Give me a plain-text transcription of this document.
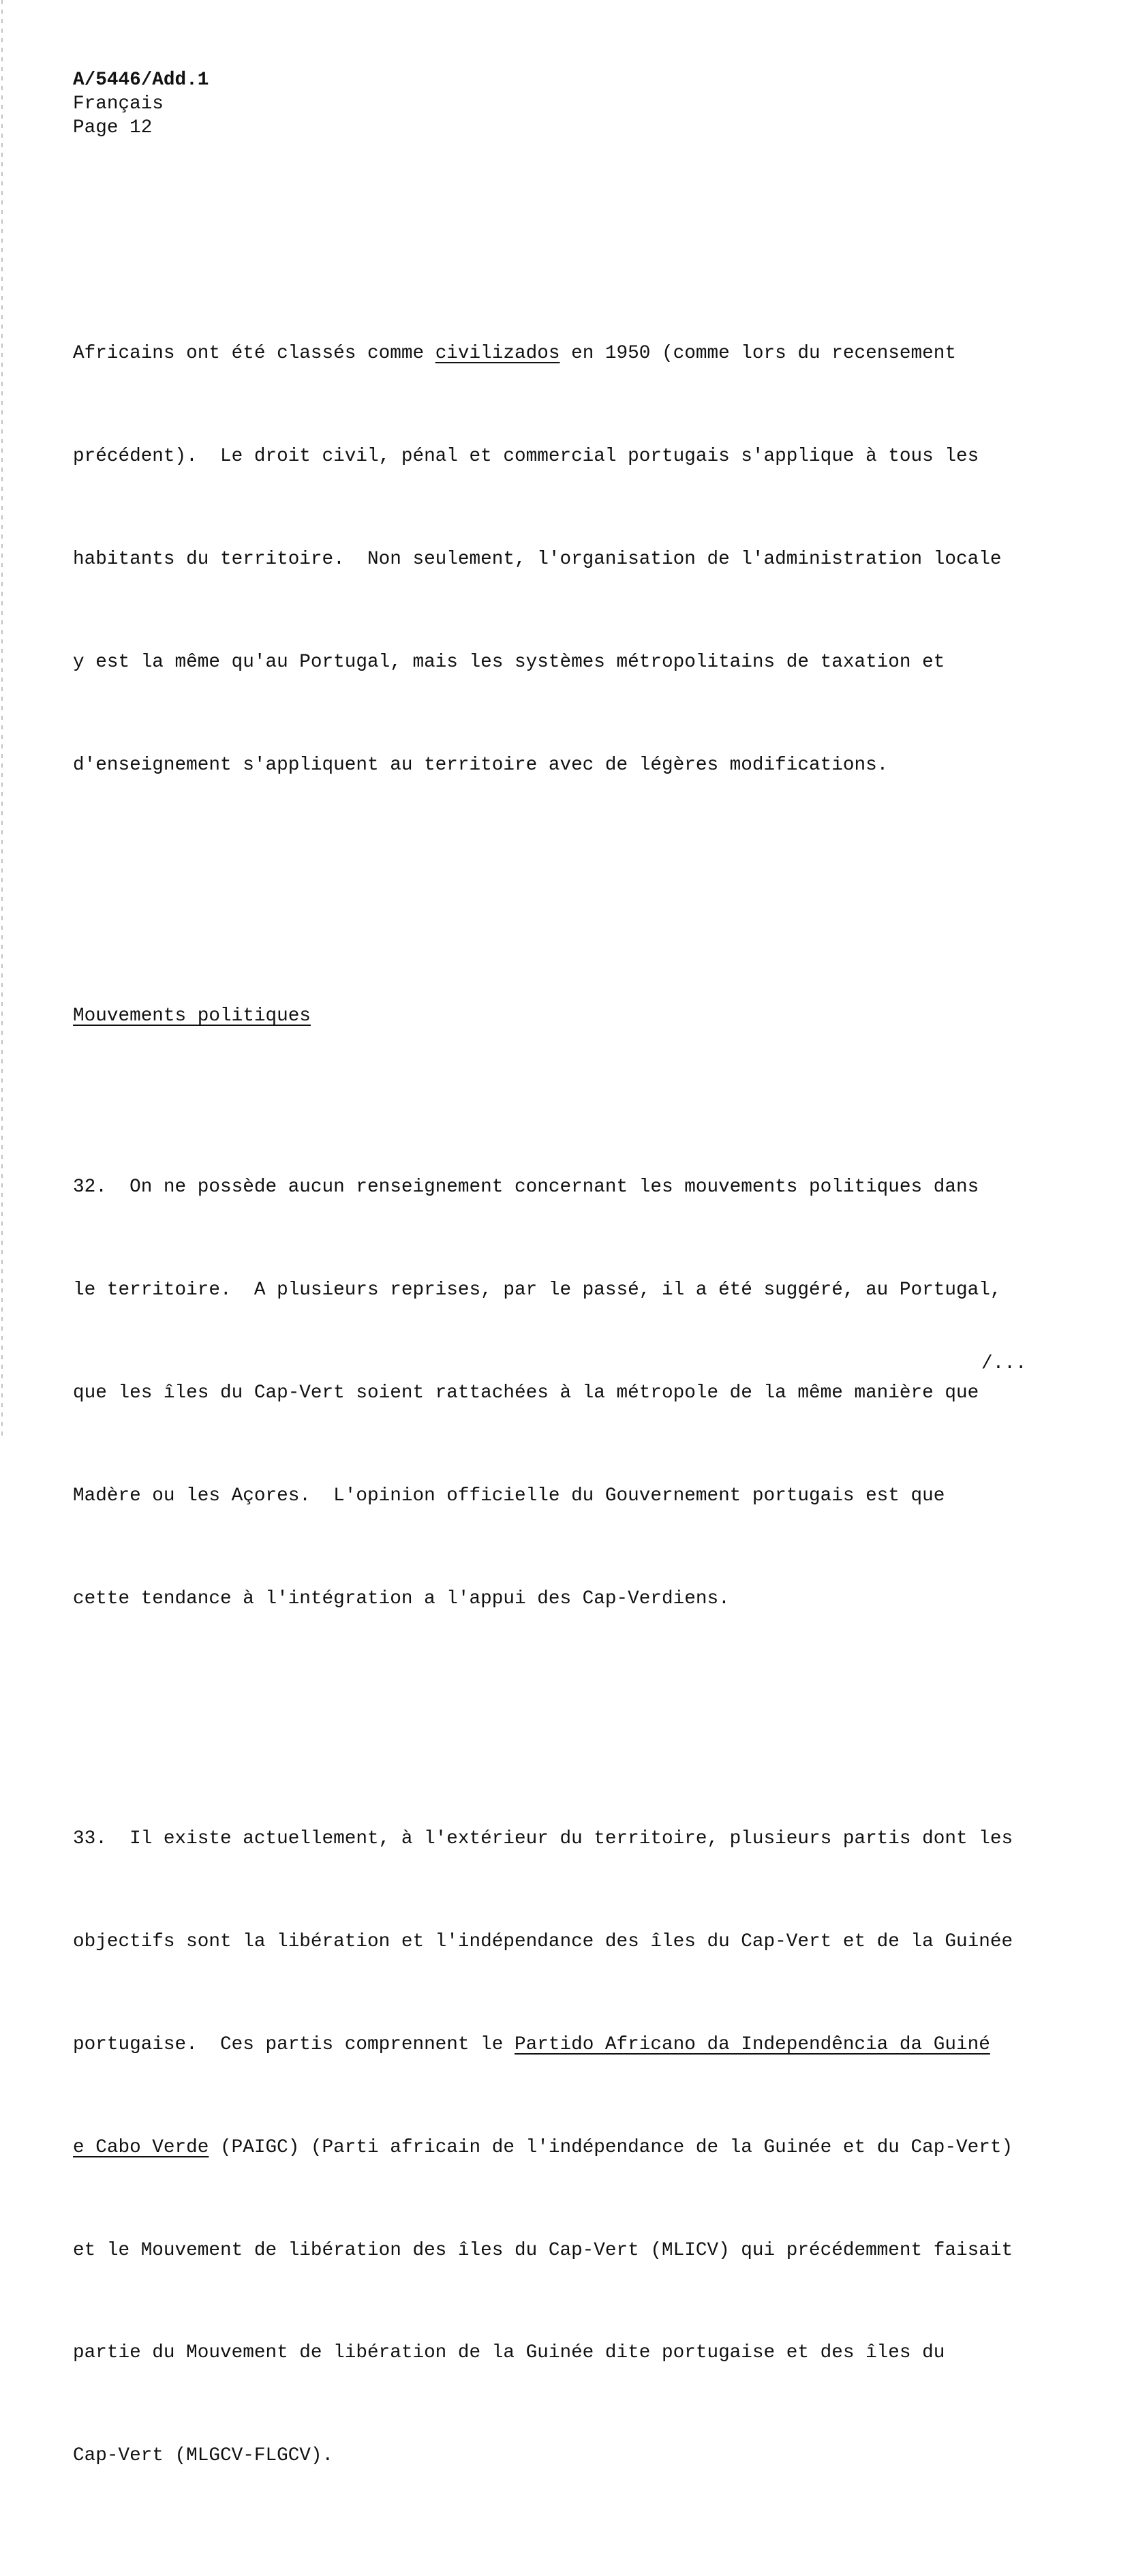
A/5446/Add.1
Français
Page 12

Africains ont été classés comme civilizados en 1950 (comme lors du recensement

précédent).  Le droit civil, pénal et commercial portugais s'applique à tous les

habitants du territoire.  Non seulement, l'organisation de l'administration locale

y est la même qu'au Portugal, mais les systèmes métropolitains de taxation et

d'enseignement s'appliquent au territoire avec de légères modifications.

Mouvements politiques

32.  On ne possède aucun renseignement concernant les mouvements politiques dans

le territoire.  A plusieurs reprises, par le passé, il a été suggéré, au Portugal,

que les îles du Cap-Vert soient rattachées à la métropole de la même manière que

Madère ou les Açores.  L'opinion officielle du Gouvernement portugais est que

cette tendance à l'intégration a l'appui des Cap-Verdiens.

33.  Il existe actuellement, à l'extérieur du territoire, plusieurs partis dont les

objectifs sont la libération et l'indépendance des îles du Cap-Vert et de la Guinée

portugaise.  Ces partis comprennent le Partido Africano da Independência da Guiné

e Cabo Verde (PAIGC) (Parti africain de l'indépendance de la Guinée et du Cap-Vert)

et le Mouvement de libération des îles du Cap-Vert (MLICV) qui précédemment faisait

partie du Mouvement de libération de la Guinée dite portugaise et des îles du

Cap-Vert (MLGCV-FLGCV).

/...
